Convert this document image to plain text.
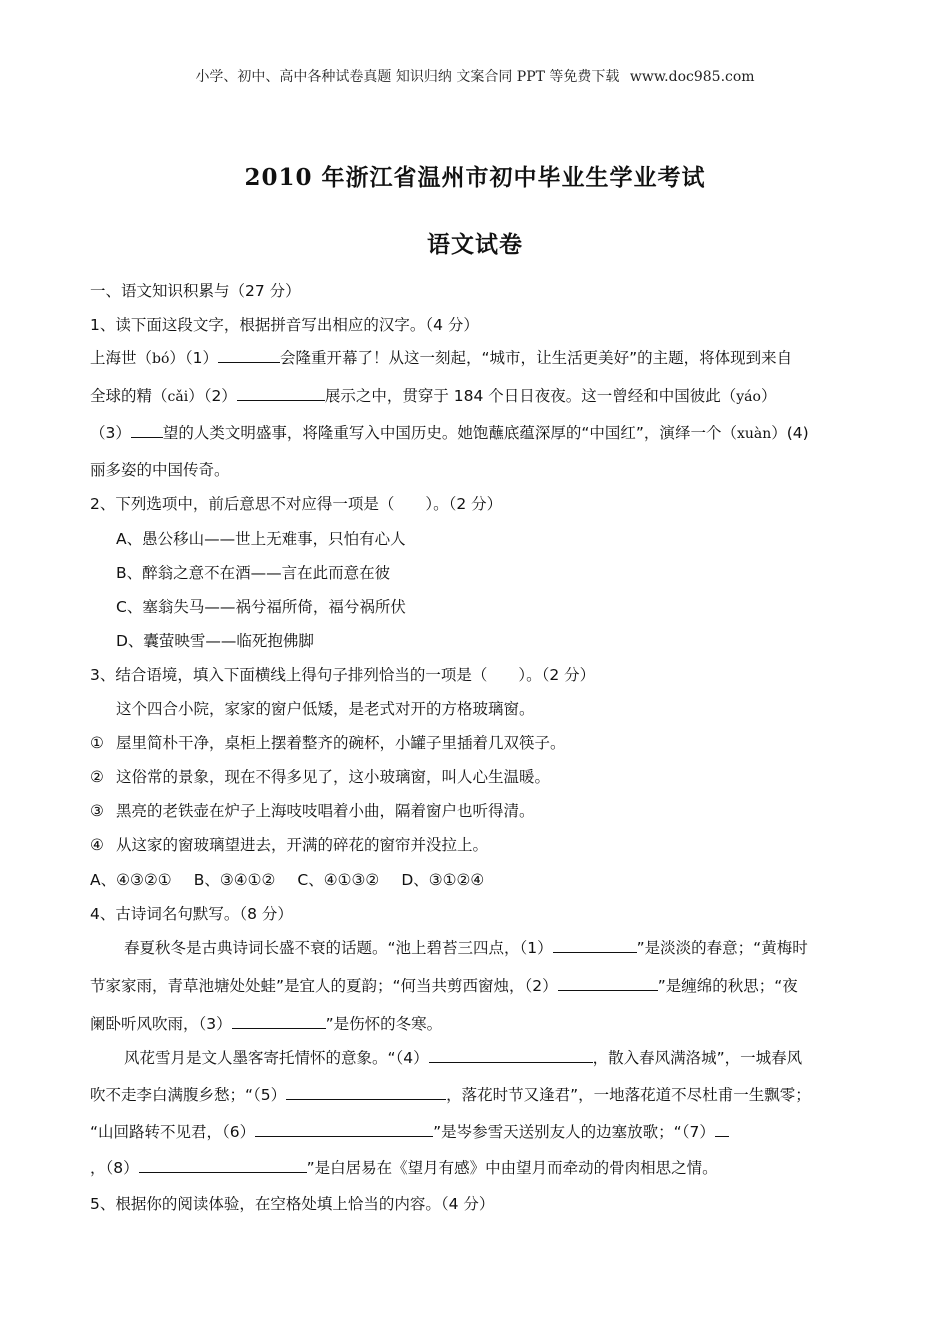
小学、初中、高中各种试卷真题 知识归纳 文案合同 PPT 等免费下载 www.doc985.com
2010 年浙江省温州市初中毕业生学业考试
语文试卷
一、语文知识积累与（27 分）
1、读下面这段文字，根据拼音写出相应的汉字。（4 分）
上海世（bó）（1）	会隆重开幕了！从这一刻起，“城市，让生活更美好”的主题，将体现到来自
全球的精（cǎi）（2）	展示之中，贯穿于 184 个日日夜夜。这一曾经和中国彼此（yáo）
（3） 望的人类文明盛事，将隆重写入中国历史。她饱蘸底蕴深厚的“中国红”，演绎一个（xuàn）(4)
丽多姿的中国传奇。
2、下列选项中，前后意思不对应得一项是（　　）。（2 分）
A、愚公移山——世上无难事，只怕有心人
B、醉翁之意不在酒——言在此而意在彼
C、塞翁失马——祸兮福所倚，福兮祸所伏
D、囊萤映雪——临死抱佛脚
3、结合语境，填入下面横线上得句子排列恰当的一项是（　　）。（2 分）
这个四合小院，家家的窗户低矮，是老式对开的方格玻璃窗。
① 屋里简朴干净，桌柜上摆着整齐的碗杯，小罐子里插着几双筷子。
② 这俗常的景象，现在不得多见了，这小玻璃窗，叫人心生温暖。
③ 黑亮的老铁壶在炉子上海吱吱唱着小曲，隔着窗户也听得清。
④ 从这家的窗玻璃望进去，开满的碎花的窗帘并没拉上。
A、④③②① B、③④①② C、④①③② D、③①②④
4、古诗词名句默写。（8 分）
春夏秋冬是古典诗词长盛不衰的话题。“池上碧苔三四点，（1）	”是淡淡的春意；“黄梅时
节家家雨，青草池塘处处蛙”是宜人的夏韵；“何当共剪西窗烛，（2）	”是缠绵的秋思；“夜
阑卧听风吹雨，（3）	”是伤怀的冬寒。
风花雪月是文人墨客寄托情怀的意象。“（4）	，散入春风满洛城”，一城春风
吹不走李白满腹乡愁；“（5）	，落花时节又逢君”，一地落花道不尽杜甫一生飘零；
“山回路转不见君，（6）	”是岑参雪天送别友人的边塞放歌；“（7）
，（8）	”是白居易在《望月有感》中由望月而牵动的骨肉相思之情。
5、根据你的阅读体验，在空格处填上恰当的内容。（4 分）
